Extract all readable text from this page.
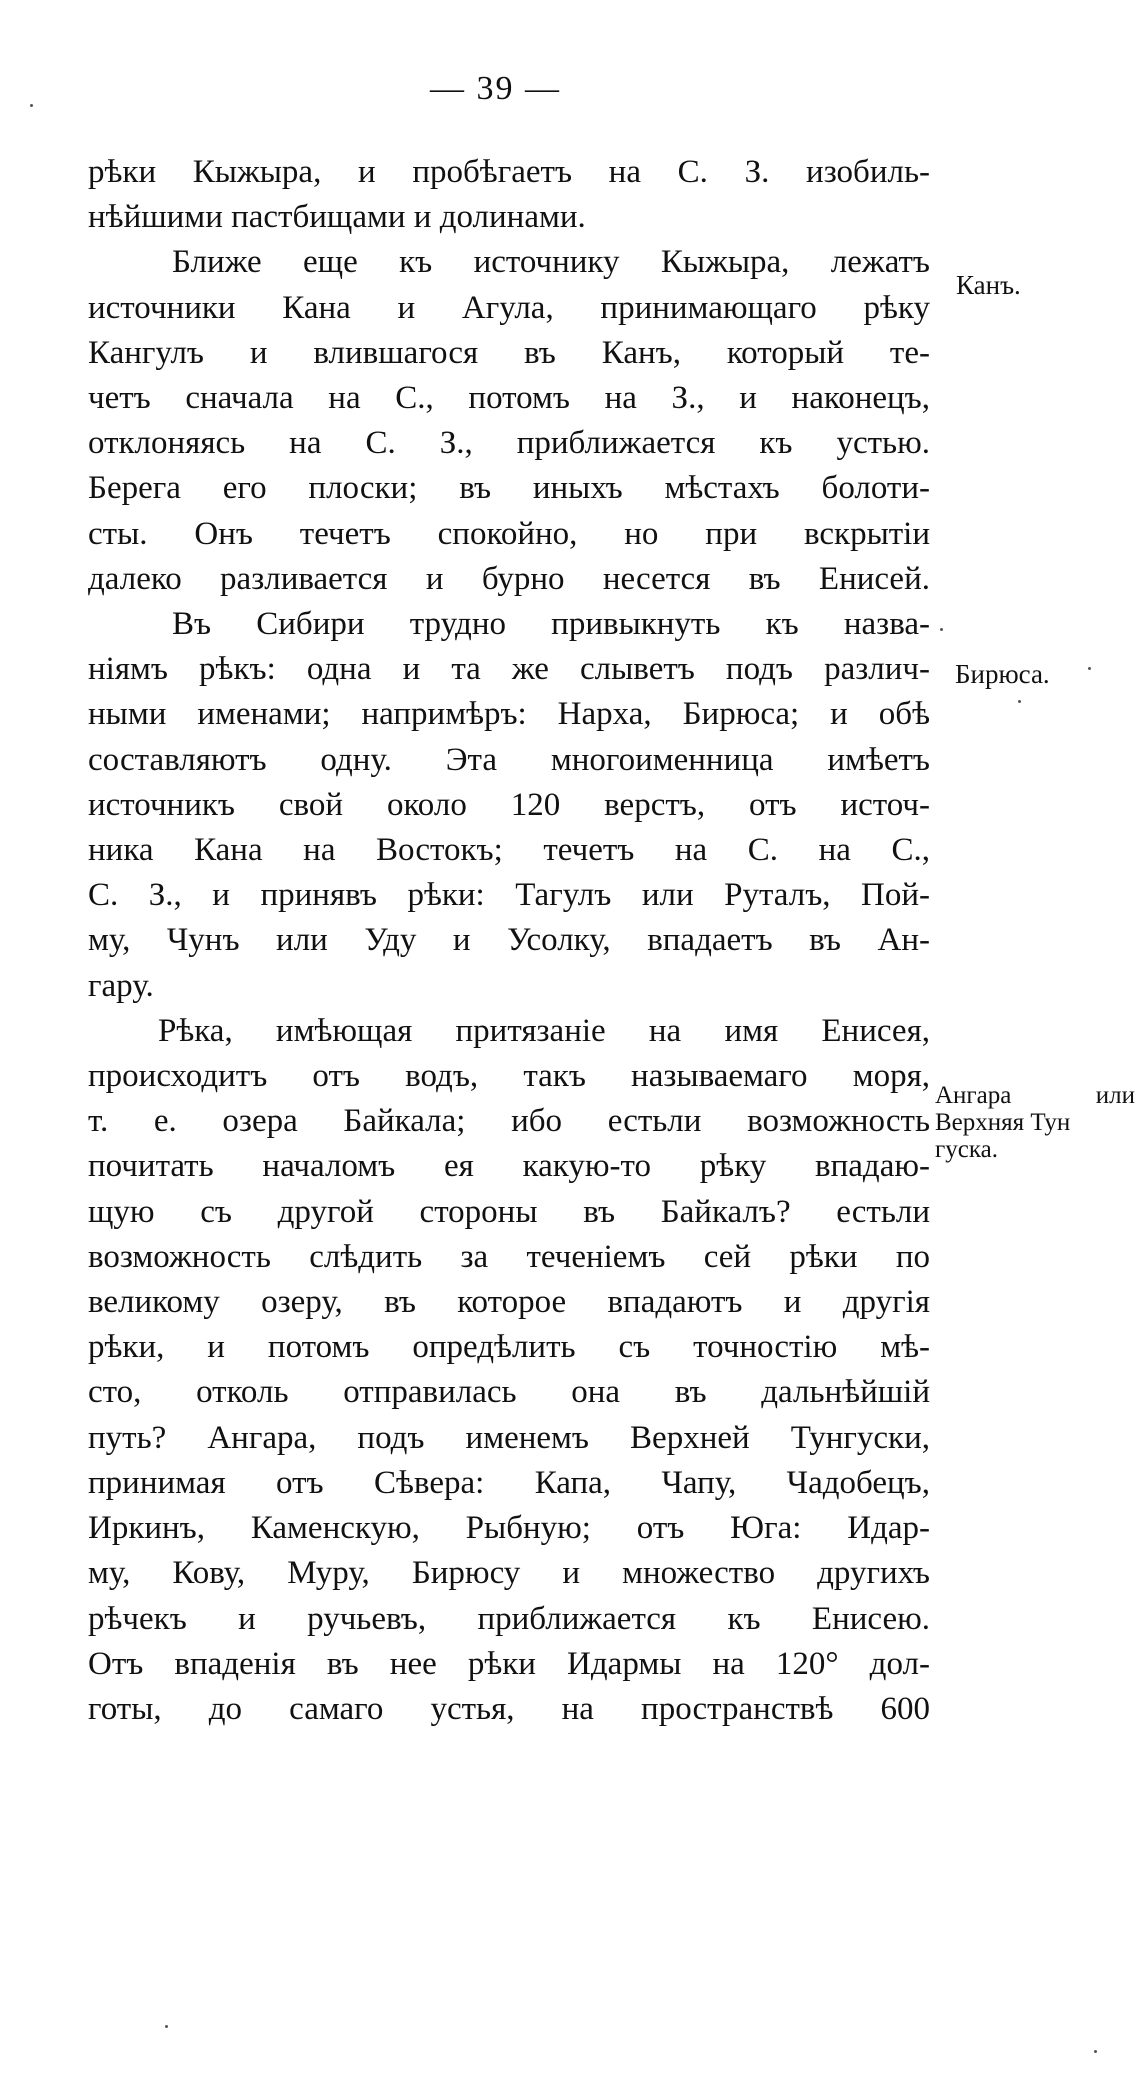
— 39 —

рѣки Кыжыра, и пробѣгаетъ на С. З. изобиль-
нѣйшими пастбищами и долинами.

Ближе еще къ источнику Кыжыра, лежатъ
источники Кана и Агула, принимающаго рѣку
Кангулъ и влившагося въ Канъ, который те-
четъ сначала на С., потомъ на З., и наконецъ,
отклоняясь на С. З., приближается къ устью.
Берега его плоски; въ иныхъ мѣстахъ болоти-
сты. Онъ течетъ спокойно, но при вскрытіи
далеко разливается и бурно несется въ Енисей.

Въ Сибири трудно привыкнуть къ назва-
ніямъ рѣкъ: одна и та же слыветъ подъ различ-
ными именами; напримѣръ: Нарха, Бирюса; и обѣ
составляютъ одну. Эта многоименница имѣетъ
источникъ свой около 120 верстъ, отъ источ-
ника Кана на Востокъ; течетъ на С. на С.,
С. З., и принявъ рѣки: Тагулъ или Руталъ, Пой-
му, Чунъ или Уду и Усолку, впадаетъ въ Ан-
гару.

Рѣка, имѣющая притязаніе на имя Енисея,
происходитъ отъ водъ, такъ называемаго моря,
т. е. озера Байкала; ибо естьли возможность
почитать началомъ ея какую-то рѣку впадаю-
щую съ другой стороны въ Байкалъ? естьли
возможность слѣдить за теченіемъ сей рѣки по
великому озеру, въ которое впадаютъ и другія
рѣки, и потомъ опредѣлить съ точностію мѣ-
сто, отколь отправилась она въ дальнѣйшій
путь? Ангара, подъ именемъ Верхней Тунгуски,
принимая отъ Сѣвера: Капа, Чапу, Чадобецъ,
Иркинъ, Каменскую, Рыбную; отъ Юга: Идар-
му, Кову, Муру, Бирюсу и множество другихъ
рѣчекъ и ручьевъ, приближается къ Енисею.
Отъ впаденія въ нее рѣки Идармы на 120° дол-
готы, до самаго устья, на пространствѣ 600

Канъ.
Бирюса.
Ангара или
Верхняя Тун
гуска.
